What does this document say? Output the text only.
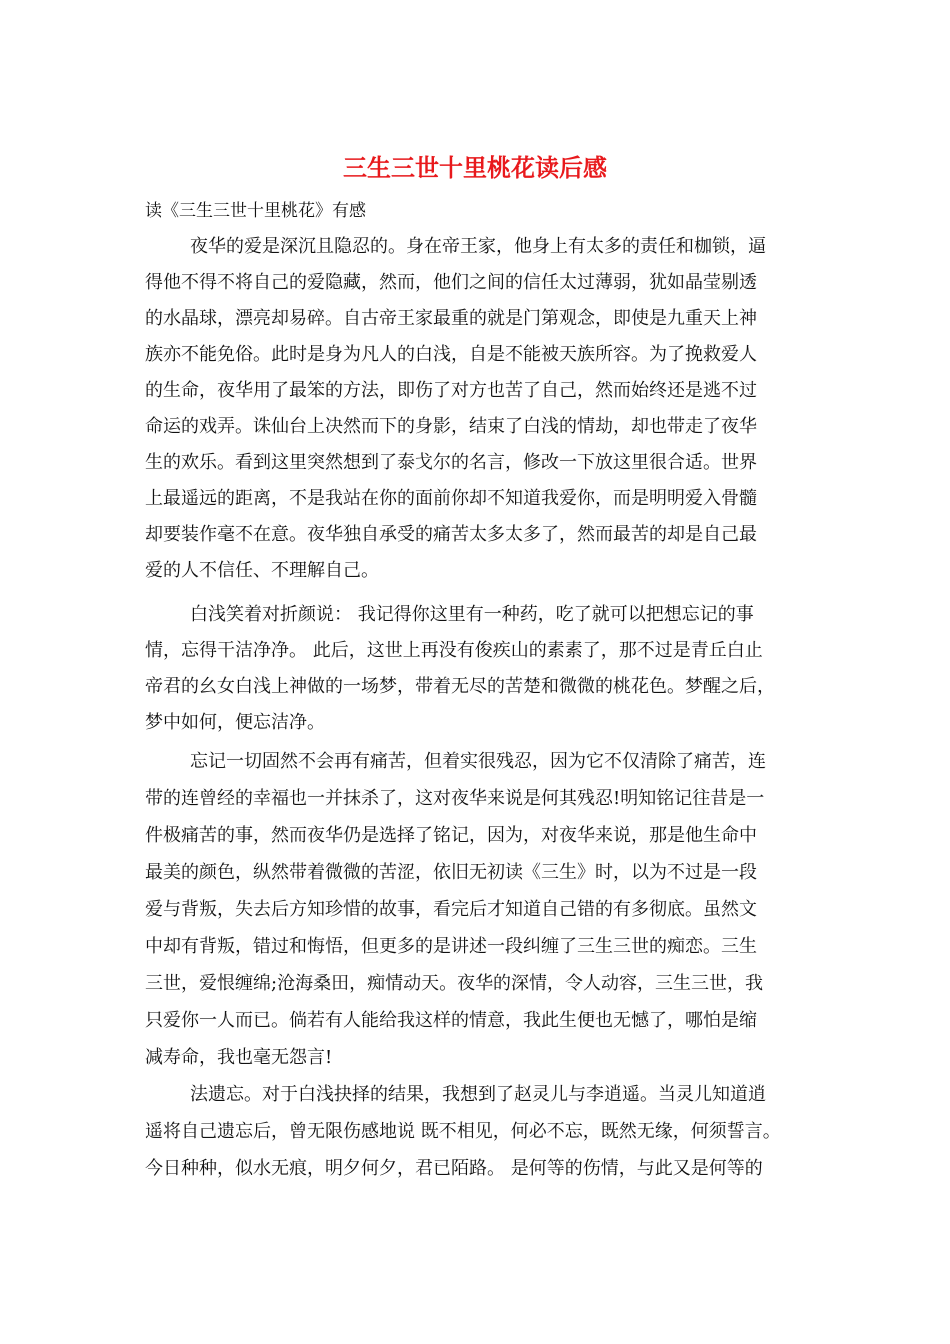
三生三世十里桃花读后感

读《三生三世十里桃花》有感

夜华的爱是深沉且隐忍的。身在帝王家，他身上有太多的责任和枷锁，逼

得他不得不将自己的爱隐藏，然而，他们之间的信任太过薄弱，犹如晶莹剔透

的水晶球，漂亮却易碎。自古帝王家最重的就是门第观念，即使是九重天上神

族亦不能免俗。此时是身为凡人的白浅，自是不能被天族所容。为了挽救爱人

的生命，夜华用了最笨的方法，即伤了对方也苦了自己，然而始终还是逃不过

命运的戏弄。诛仙台上决然而下的身影，结束了白浅的情劫，却也带走了夜华

生的欢乐。看到这里突然想到了泰戈尔的名言，修改一下放这里很合适。世界

上最遥远的距离，不是我站在你的面前你却不知道我爱你，而是明明爱入骨髓

却要装作毫不在意。夜华独自承受的痛苦太多太多了，然而最苦的却是自己最

爱的人不信任、不理解自己。

白浅笑着对折颜说： 我记得你这里有一种药，吃了就可以把想忘记的事

情，忘得干洁净净。 此后，这世上再没有俊疾山的素素了，那不过是青丘白止

帝君的幺女白浅上神做的一场梦，带着无尽的苦楚和微微的桃花色。梦醒之后，

梦中如何，便忘洁净。

忘记一切固然不会再有痛苦，但着实很残忍，因为它不仅清除了痛苦，连

带的连曾经的幸福也一并抹杀了，这对夜华来说是何其残忍!明知铭记往昔是一

件极痛苦的事，然而夜华仍是选择了铭记，因为，对夜华来说，那是他生命中

最美的颜色，纵然带着微微的苦涩，依旧无初读《三生》时，以为不过是一段

爱与背叛，失去后方知珍惜的故事，看完后才知道自己错的有多彻底。虽然文

中却有背叛，错过和悔悟，但更多的是讲述一段纠缠了三生三世的痴恋。三生

三世，爱恨缠绵;沧海桑田，痴情动天。夜华的深情，令人动容，三生三世，我

只爱你一人而已。倘若有人能给我这样的情意，我此生便也无憾了，哪怕是缩

减寿命，我也毫无怨言!

法遗忘。对于白浅抉择的结果，我想到了赵灵儿与李逍遥。当灵儿知道逍

遥将自己遗忘后，曾无限伤感地说 既不相见，何必不忘，既然无缘，何须誓言。

今日种种，似水无痕，明夕何夕，君已陌路。 是何等的伤情，与此又是何等的
